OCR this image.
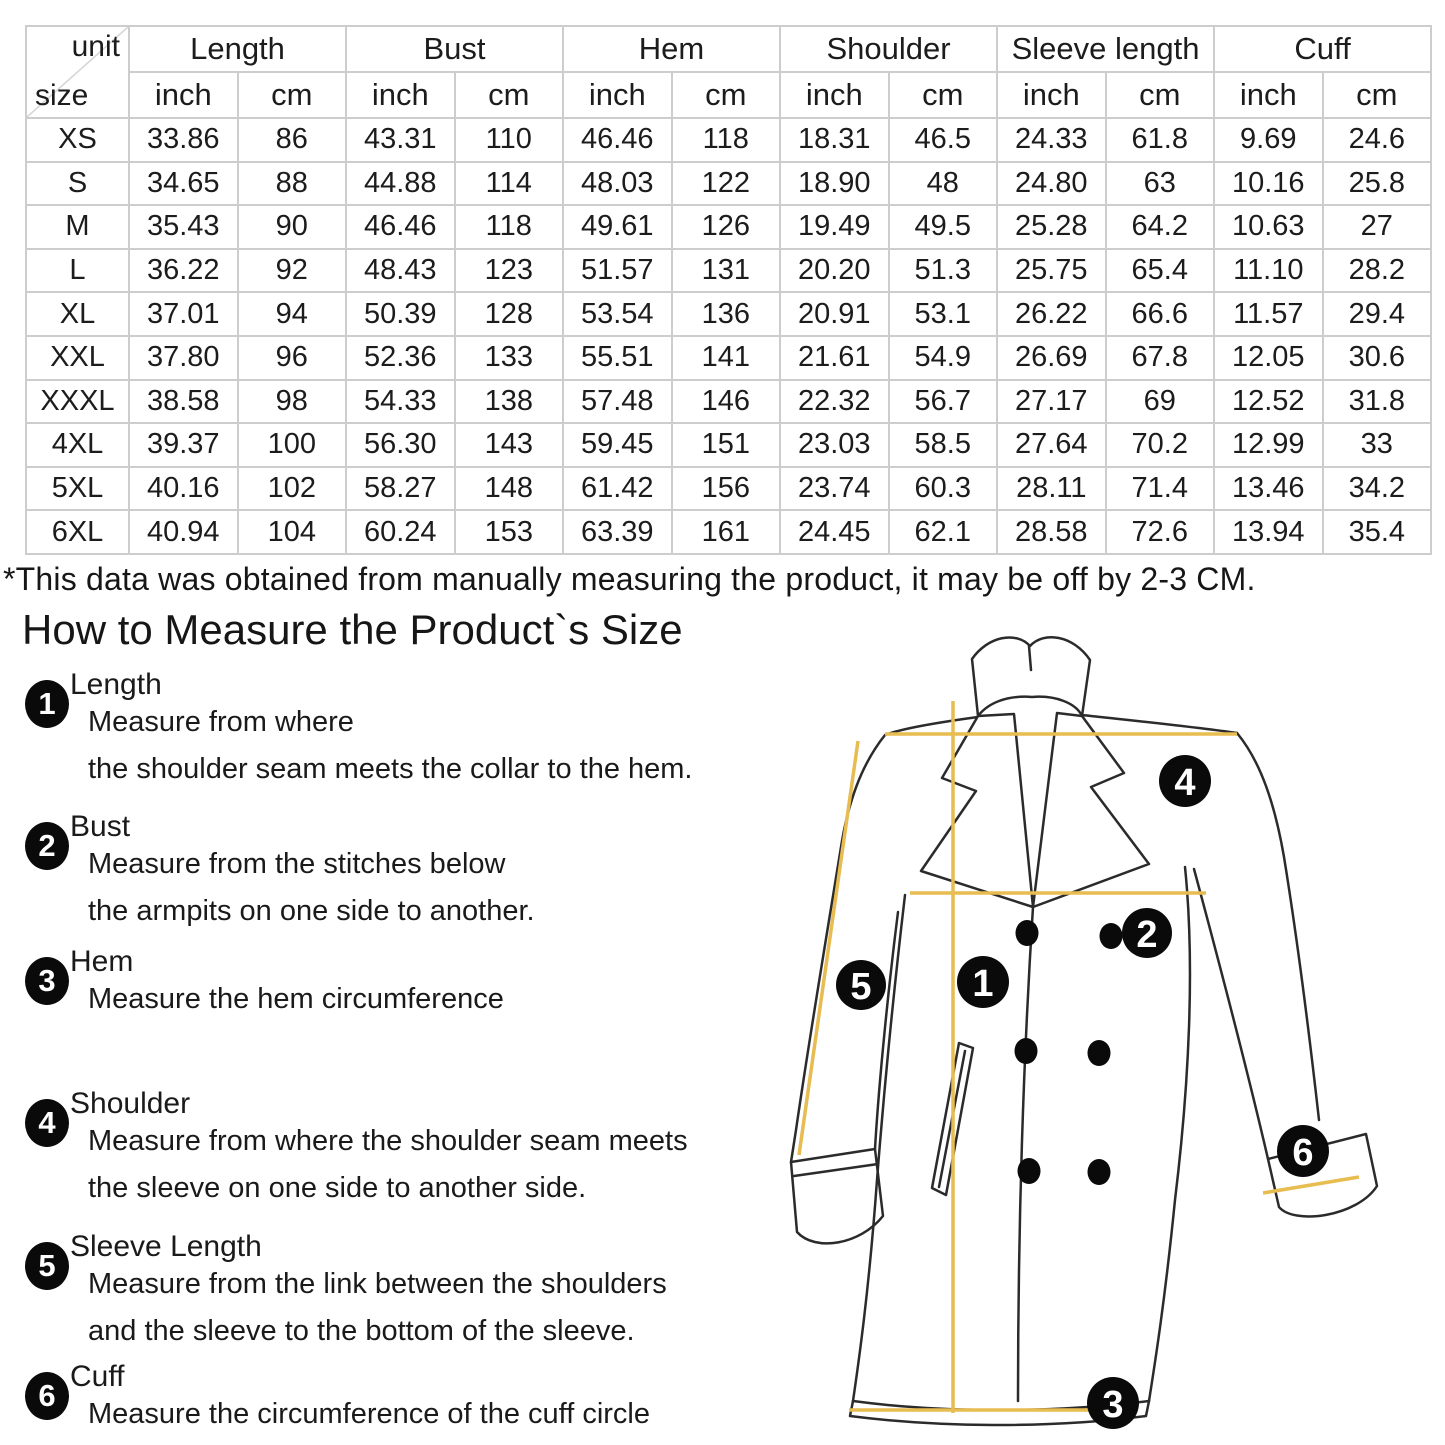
unit
size	Length		Bust		Hem		Shoulder		Sleeve length		Cuff	
	inch	cm	inch	cm	inch	cm	inch	cm	inch	cm	inch	cm
XS	33.86	86	43.31	110	46.46	118	18.31	46.5	24.33	61.8	9.69	24.6
S	34.65	88	44.88	114	48.03	122	18.90	48	24.80	63	10.16	25.8
M	35.43	90	46.46	118	49.61	126	19.49	49.5	25.28	64.2	10.63	27
L	36.22	92	48.43	123	51.57	131	20.20	51.3	25.75	65.4	11.10	28.2
XL	37.01	94	50.39	128	53.54	136	20.91	53.1	26.22	66.6	11.57	29.4
XXL	37.80	96	52.36	133	55.51	141	21.61	54.9	26.69	67.8	12.05	30.6
XXXL	38.58	98	54.33	138	57.48	146	22.32	56.7	27.17	69	12.52	31.8
4XL	39.37	100	56.30	143	59.45	151	23.03	58.5	27.64	70.2	12.99	33
5XL	40.16	102	58.27	148	61.42	156	23.74	60.3	28.11	71.4	13.46	34.2
6XL	40.94	104	60.24	153	63.39	161	24.45	62.1	28.58	72.6	13.94	35.4
*This data was obtained from manually measuring the product, it may be off by 2-3 CM.
How to Measure the Product`s Size
1
Length
Measure from where
the shoulder seam meets the collar to the hem.
2
Bust
Measure from the stitches below
the armpits on one side to another.
3
Hem
Measure the hem circumference
4
Shoulder
Measure from where the shoulder seam meets
the sleeve on one side to another side.
5
Sleeve Length
Measure from the link between the shoulders
and the sleeve to the bottom of the sleeve.
6
Cuff
Measure the circumference of the cuff circle
1
2
3
4
5
6
